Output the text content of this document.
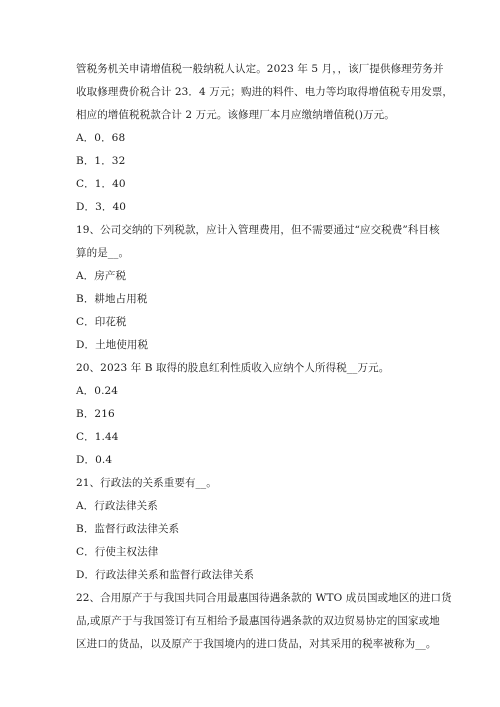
管税务机关申请增值税一般纳税人认定。2023 年 5 月，，该厂提供修理劳务并
收取修理费价税合计 23．4 万元；购进的料件、电力等均取得增值税专用发票，
相应的增值税税款合计 2 万元。该修理厂本月应缴纳增值税()万元。
A．0．68
B．1．32
C．1．40
D．3．40
19、公司交纳的下列税款，应计入管理费用，但不需要通过“应交税费”科目核
算的是__。
A．房产税
B．耕地占用税
C．印花税
D．土地使用税
20、2023 年 B 取得的股息红利性质收入应纳个人所得税__万元。
A．0.24
B．216
C．1.44
D．0.4
21、行政法的关系重要有__。
A．行政法律关系
B．监督行政法律关系
C．行使主权法律
D．行政法律关系和监督行政法律关系
22、合用原产于与我国共同合用最惠国待遇条款的 WTO 成员国或地区的进口货
品,或原产于与我国签订有互相给予最惠国待遇条款的双边贸易协定的国家或地
区进口的货品，以及原产于我国境内的进口货品，对其采用的税率被称为__。
